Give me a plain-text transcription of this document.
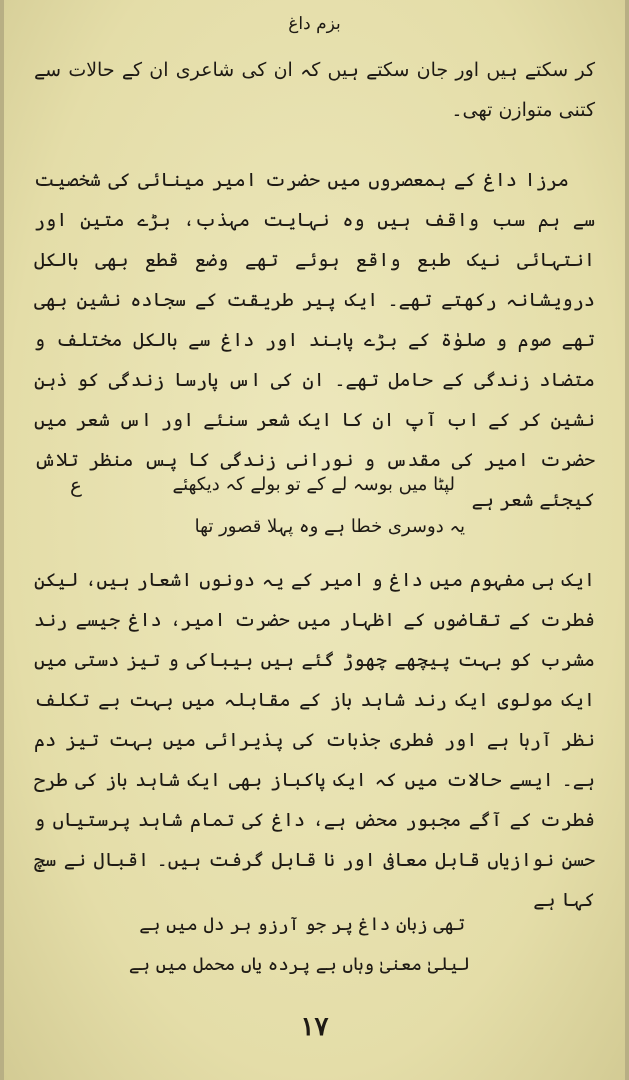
بزم داغ

کر سکتے ہیں اور جان سکتے ہیں کہ ان کی شاعری ان کے حالات سے کتنی متوازن تھی۔

مرزا داغ کے ہمعصروں میں حضرت امیر مینائی کی شخصیت سے ہم سب واقف ہیں وہ نہایت مہذب، بڑے متین اور انتہائی نیک طبع واقع ہوئے تھے وضع قطع بھی بالکل درویشانہ رکھتے تھے۔ ایک پیر طریقت کے سجادہ نشین بھی تھے صوم و صلوٰۃ کے بڑے پابند اور داغ سے بالکل مختلف و متضاد زندگی کے حامل تھے۔ ان کی اس پارسا زندگی کو ذہن نشین کر کے اب آپ ان کا ایک شعر سنئے اور اس شعر میں حضرت امیر کی مقدس و نورانی زندگی کا پس منظر تلاش کیجئے شعر ہے

ع	لپٹا میں بوسہ لے کے تو بولے کہ دیکھئے
یہ دوسری خطا ہے وہ پہلا قصور تھا

ایک ہی مفہوم میں داغ و امیر کے یہ دونوں اشعار ہیں، لیکن فطرت کے تقاضوں کے اظہار میں حضرت امیر، داغ جیسے رند مشرب کو بہت پیچھے چھوڑ گئے ہیں بیباکی و تیز دستی میں ایک مولوی ایک رند شاہد باز کے مقابلہ میں بہت بے تکلف نظر آرہا ہے اور فطری جذبات کی پذیرائی میں بہت تیز دم ہے۔ ایسے حالات میں کہ ایک پاکباز بھی ایک شاہد باز کی طرح فطرت کے آگے مجبور محض ہے، داغ کی تمام شاہد پرستیاں و حسن نوازیاں قابل معافی اور نا قابل گرفت ہیں۔ اقبال نے سچ کہا ہے

تھی زبان داغ پر جو آرزو ہر دل میں ہے
لیلیٰ معنیٰ وہاں بے پردہ یاں محمل میں ہے
۱۷
